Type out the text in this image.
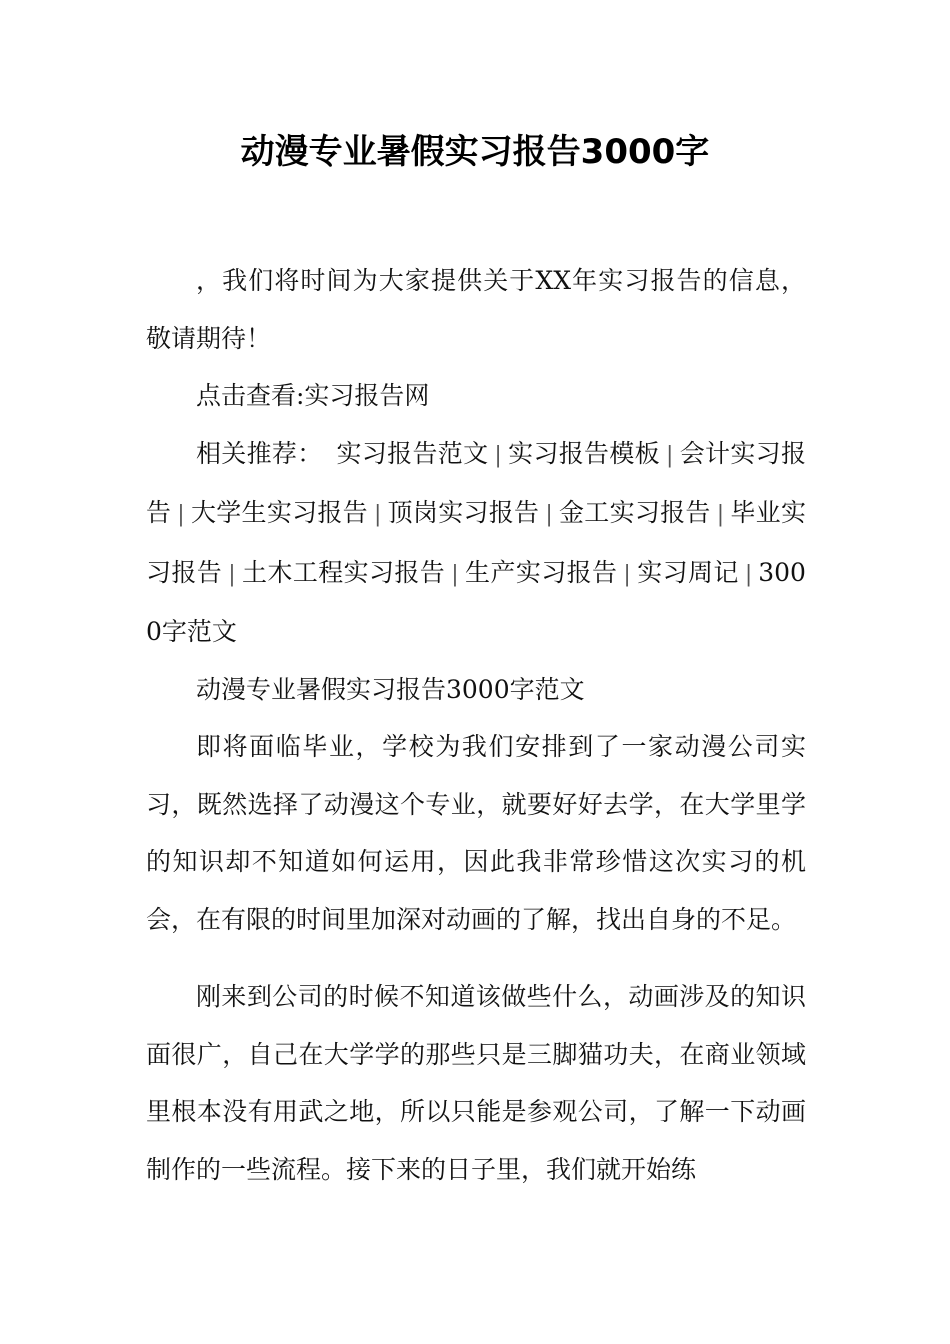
动漫专业暑假实习报告3000字

，我们将时间为大家提供关于XX年实习报告的信息，敬请期待！

点击查看:实习报告网

相关推荐： 实习报告范文 | 实习报告模板 | 会计实习报告 | 大学生实习报告 | 顶岗实习报告 | 金工实习报告 | 毕业实习报告 | 土木工程实习报告 | 生产实习报告 | 实习周记 | 3000字范文

动漫专业暑假实习报告3000字范文

即将面临毕业，学校为我们安排到了一家动漫公司实习，既然选择了动漫这个专业，就要好好去学，在大学里学的知识却不知道如何运用，因此我非常珍惜这次实习的机会，在有限的时间里加深对动画的了解，找出自身的不足。

刚来到公司的时候不知道该做些什么，动画涉及的知识面很广，自己在大学学的那些只是三脚猫功夫，在商业领域里根本没有用武之地，所以只能是参观公司，了解一下动画制作的一些流程。接下来的日子里，我们就开始练
